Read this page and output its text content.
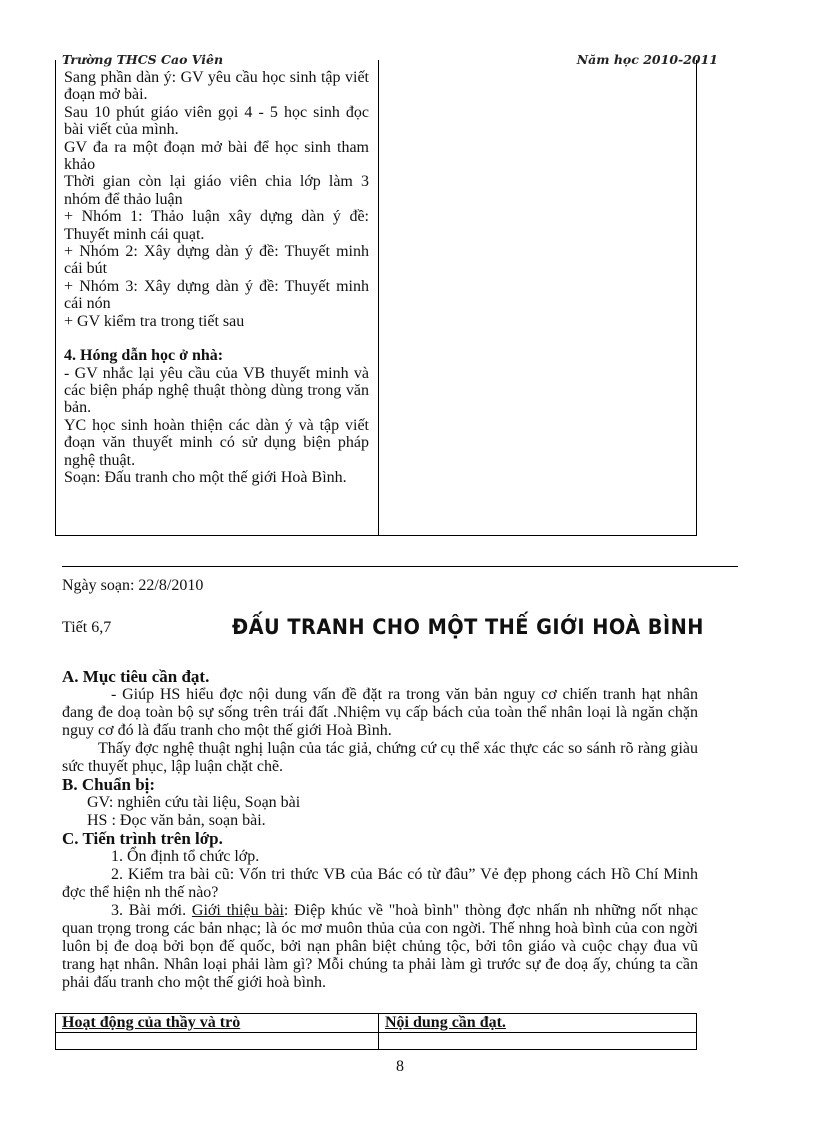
Trường THCS Cao Viên	Năm học 2010-2011

Sang phần dàn ý: GV yêu cầu học sinh tập viết đoạn mở bài.

Sau 10 phút giáo viên gọi 4 - 5 học sinh đọc bài viết của mình.

GV đa ra một đoạn mở bài để học sinh tham khảo

Thời gian còn lại giáo viên chia lớp làm 3 nhóm để thảo luận

+ Nhóm 1: Thảo luận xây dựng dàn ý đề: Thuyết minh cái quạt.

+ Nhóm 2: Xây dựng dàn ý đề: Thuyết minh cái bút

+ Nhóm 3: Xây dựng dàn ý đề: Thuyết minh cái nón

+ GV kiểm tra trong tiết sau

4. Hóng dẫn học ở nhà:

- GV nhắc lại yêu cầu của VB thuyết minh và các biện pháp nghệ thuật thòng dùng trong văn bản.

YC học sinh hoàn thiện các dàn ý và tập viết đoạn văn thuyết minh có sử dụng biện pháp nghệ thuật.

Soạn: Đấu tranh cho một thế giới Hoà Bình.

Ngày soạn: 22/8/2010
Tiết 6,7	ĐẤU TRANH CHO MỘT THẾ GIỚI HOÀ BÌNH

A. Mục tiêu cần đạt.

- Giúp HS hiểu đợc nội dung vấn đề đặt ra trong văn bản nguy cơ chiến tranh hạt nhân đang đe doạ toàn bộ sự sống trên trái đất .Nhiệm vụ cấp bách của toàn thể nhân loại là ngăn chặn nguy cơ đó là đấu tranh cho một thế giới Hoà Bình.

Thấy đợc nghệ thuật nghị luận của tác giả, chứng cứ cụ thể xác thực các so sánh rõ ràng giàu sức thuyết phục, lập luận chặt chẽ.

B. Chuẩn bị:

GV: nghiên cứu tài liệu, Soạn bài

HS : Đọc văn bản, soạn bài.

C. Tiến trình trên lớp.

1. Ổn định tổ chức lớp.

2. Kiểm tra bài cũ: Vốn tri thức VB của Bác có từ đâu” Vẻ đẹp phong cách Hồ Chí Minh đợc thể hiện nh thế nào?

3. Bài mới. Giới thiệu bài: Điệp khúc về "hoà bình" thòng đợc nhấn nh những nốt nhạc quan trọng trong các bản nhạc; là óc mơ muôn thủa của con ngời. Thế nhng hoà bình của con ngời luôn bị đe doạ bởi bọn đế quốc, bởi nạn phân biệt chủng tộc, bởi tôn giáo và cuộc chạy đua vũ trang hạt nhân. Nhân loại phải làm gì? Mỗi chúng ta phải làm gì trước sự đe doạ ấy, chúng ta cần phải đấu tranh cho một thế giới hoà bình.

Hoạt động của thầy và trò	Nội dung cần đạt.

8
